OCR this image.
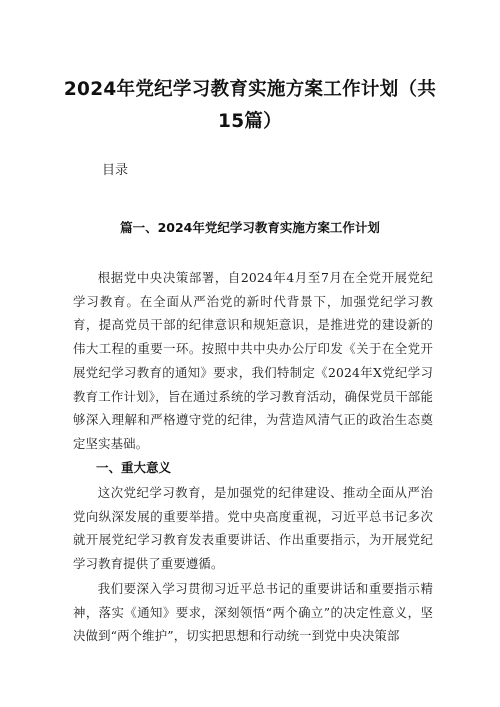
2024年党纪学习教育实施方案工作计划（共
15篇）
目录
篇一、2024年党纪学习教育实施方案工作计划

根据党中央决策部署，自2024年4月至7月在全党开展党纪学习教育。在全面从严治党的新时代背景下，加强党纪学习教育，提高党员干部的纪律意识和规矩意识，是推进党的建设新的伟大工程的重要一环。按照中共中央办公厅印发《关于在全党开展党纪学习教育的通知》要求，我们特制定《2024年X党纪学习教育工作计划》，旨在通过系统的学习教育活动，确保党员干部能够深入理解和严格遵守党的纪律，为营造风清气正的政治生态奠定坚实基础。

一、重大意义

这次党纪学习教育，是加强党的纪律建设、推动全面从严治党向纵深发展的重要举措。党中央高度重视，习近平总书记多次就开展党纪学习教育发表重要讲话、作出重要指示，为开展党纪学习教育提供了重要遵循。

我们要深入学习贯彻习近平总书记的重要讲话和重要指示精神，落实《通知》要求，深刻领悟“两个确立”的决定性意义，坚决做到“两个维护”，切实把思想和行动统一到党中央决策部
